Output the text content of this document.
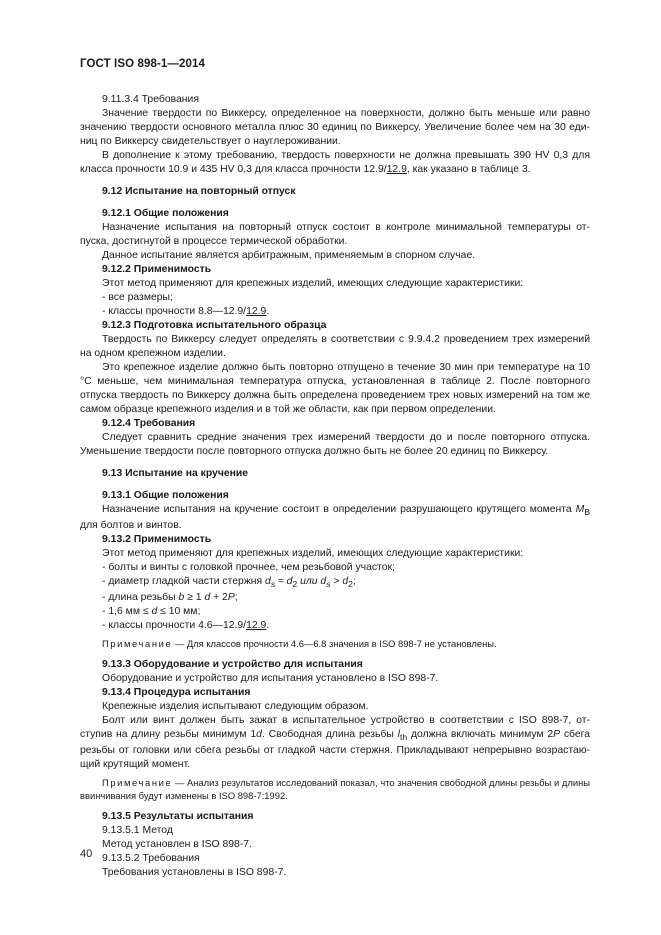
ГОСТ ISO 898-1—2014

9.11.3.4 Требования

Значение твердости по Виккерсу, определенное на поверхности, должно быть меньше или равно значению твердости основного металла плюс 30 единиц по Виккерсу. Увеличение более чем на 30 еди-ниц по Виккерсу свидетельствует о науглероживании.

В дополнение к этому требованию, твердость поверхности не должна превышать 390 HV 0,3 для класса прочности 10.9 и 435 HV 0,3 для класса прочности 12.9/12.9, как указано в таблице 3.

9.12 Испытание на повторный отпуск

9.12.1 Общие положения

Назначение испытания на повторный отпуск состоит в контроле минимальной температуры от-пуска, достигнутой в процессе термической обработки.

Данное испытание является арбитражным, применяемым в спорном случае.

9.12.2 Применимость

Этот метод применяют для крепежных изделий, имеющих следующие характеристики:

- все размеры;

- классы прочности 8.8—12.9/12.9.

9.12.3 Подготовка испытательного образца

Твердость по Виккерсу следует определять в соответствии с 9.9.4.2 проведением трех измерений на одном крепежном изделии.

Это крепежное изделие должно быть повторно отпущено в течение 30 мин при температуре на 10 °С меньше, чем минимальная температура отпуска, установленная в таблице 2. После повторного отпуска твердость по Виккерсу должна быть определена проведением трех новых измерений на том же самом образце крепежного изделия и в той же области, как при первом определении.

9.12.4 Требования

Следует сравнить средние значения трех измерений твердости до и после повторного отпуска. Уменьшение твердости после повторного отпуска должно быть не более 20 единиц по Виккерсу.

9.13 Испытание на кручение

9.13.1 Общие положения

Назначение испытания на кручение состоит в определении разрушающего крутящего момента $M_B$ для болтов и винтов.

9.13.2 Применимость

Этот метод применяют для крепежных изделий, имеющих следующие характеристики:

- болты и винты с головкой прочнее, чем резьбовой участок;

- диаметр гладкой части стержня $d_s \approx d_2$ или $d_s > d_2$;

- длина резьбы b ≥ 1 d + 2P;

- 1,6 мм ≤ d ≤ 10 мм;

- классы прочности 4.6—12.9/12.9.

Примечание — Для классов прочности 4.6—6.8 значения в ISO 898-7 не установлены.

9.13.3 Оборудование и устройство для испытания

Оборудование и устройство для испытания установлено в ISO 898-7.

9.13.4 Процедура испытания

Крепежные изделия испытывают следующим образом.

Болт или винт должен быть зажат в испытательное устройство в соответствии с ISO 898-7, от-ступив на длину резьбы минимум 1d. Свободная длина резьбы $l_{th}$ должна включать минимум 2P сбега резьбы от головки или сбега резьбы от гладкой части стержня. Прикладывают непрерывно возрастаю-щий крутящий момент.

Примечание — Анализ результатов исследований показал, что значения свободной длины резьбы и длины ввинчивания будут изменены в ISO 898-7:1992.

9.13.5 Результаты испытания

9.13.5.1 Метод

Метод установлен в ISO 898-7.

9.13.5.2 Требования

Требования установлены в ISO 898-7.

40
